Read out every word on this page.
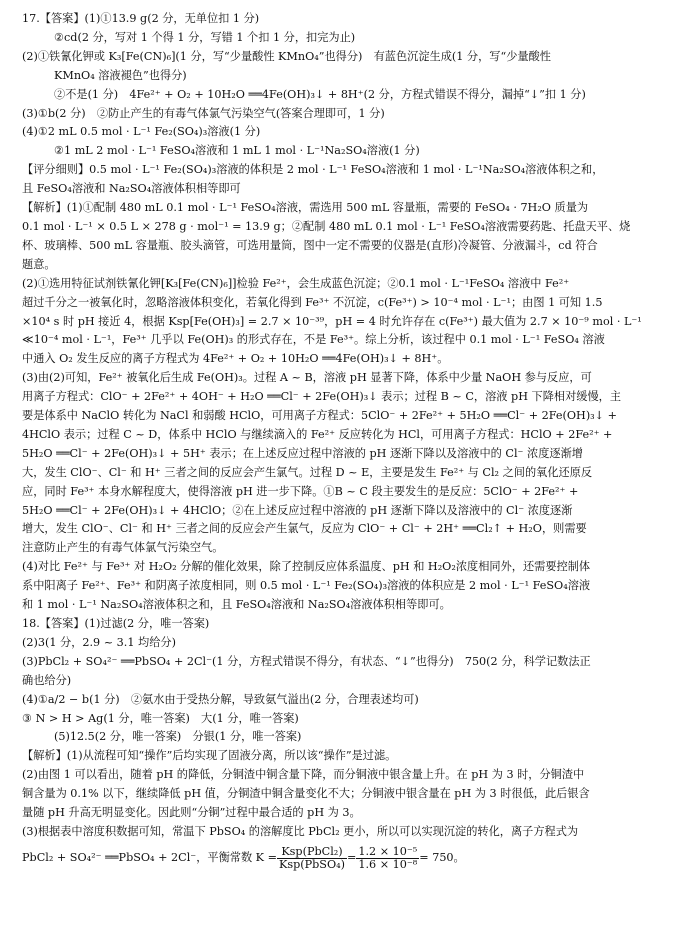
17.【答案】(1)①13.9 g(2 分，无单位扣 1 分)
②cd(2 分，写对 1 个得 1 分，写错 1 个扣 1 分，扣完为止)
(2)①铁氰化钾或 K₃[Fe(CN)₆](1 分，写“少量酸性 KMnO₄”也得分)　有蓝色沉淀生成(1 分，写“少量酸性
KMnO₄ 溶液褪色”也得分)
②不是(1 分)　4Fe²⁺ + O₂ + 10H₂O ══4Fe(OH)₃↓ + 8H⁺(2 分，方程式错误不得分，漏掉“↓”扣 1 分)
(3)①b(2 分)　②防止产生的有毒气体氯气污染空气(答案合理即可，1 分)
(4)①2 mL 0.5 mol · L⁻¹ Fe₂(SO₄)₃溶液(1 分)
②1 mL 2 mol · L⁻¹ FeSO₄溶液和 1 mL 1 mol · L⁻¹Na₂SO₄溶液(1 分)
【评分细则】0.5 mol · L⁻¹ Fe₂(SO₄)₃溶液的体积是 2 mol · L⁻¹ FeSO₄溶液和 1 mol · L⁻¹Na₂SO₄溶液体积之和，
且 FeSO₄溶液和 Na₂SO₄溶液体积相等即可
【解析】(1)①配制 480 mL 0.1 mol · L⁻¹ FeSO₄溶液，需选用 500 mL 容量瓶，需要的 FeSO₄ · 7H₂O 质量为
0.1 mol · L⁻¹ × 0.5 L × 278 g · mol⁻¹ = 13.9 g；②配制 480 mL 0.1 mol · L⁻¹ FeSO₄溶液需要药匙、托盘天平、烧
杯、玻璃棒、500 mL 容量瓶、胶头滴管，可选用量筒，图中一定不需要的仪器是(直形)冷凝管、分液漏斗，cd 符合
题意。
(2)①选用特征试剂铁氰化钾[K₃[Fe(CN)₆]]检验 Fe²⁺，会生成蓝色沉淀；②0.1 mol · L⁻¹FeSO₄ 溶液中 Fe²⁺
超过千分之一被氧化时，忽略溶液体积变化，若氧化得到 Fe³⁺ 不沉淀，c(Fe³⁺) > 10⁻⁴ mol · L⁻¹；由图 1 可知 1.5
×10⁴ s 时 pH 接近 4，根据 Ksp[Fe(OH)₃] = 2.7 × 10⁻³⁹，pH = 4 时允许存在 c(Fe³⁺) 最大值为 2.7 × 10⁻⁹ mol · L⁻¹
≪10⁻⁴ mol · L⁻¹，Fe³⁺ 几乎以 Fe(OH)₃ 的形式存在，不是 Fe³⁺。综上分析，该过程中 0.1 mol · L⁻¹ FeSO₄ 溶液
中通入 O₂ 发生反应的离子方程式为 4Fe²⁺ + O₂ + 10H₂O ══4Fe(OH)₃↓ + 8H⁺。
(3)由(2)可知，Fe²⁺ 被氧化后生成 Fe(OH)₃。过程 A ~ B，溶液 pH 显著下降，体系中少量 NaOH 参与反应，可
用离子方程式：ClO⁻ + 2Fe²⁺ + 4OH⁻ + H₂O ══Cl⁻ + 2Fe(OH)₃↓ 表示；过程 B ~ C，溶液 pH 下降相对缓慢，主
要是体系中 NaClO 转化为 NaCl 和弱酸 HClO，可用离子方程式：5ClO⁻ + 2Fe²⁺ + 5H₂O ══Cl⁻ + 2Fe(OH)₃↓ +
4HClO 表示；过程 C ~ D，体系中 HClO 与继续滴入的 Fe²⁺ 反应转化为 HCl，可用离子方程式：HClO + 2Fe²⁺ +
5H₂O ══Cl⁻ + 2Fe(OH)₃↓ + 5H⁺ 表示；在上述反应过程中溶液的 pH 逐渐下降以及溶液中的 Cl⁻ 浓度逐渐增
大，发生 ClO⁻、Cl⁻ 和 H⁺ 三者之间的反应会产生氯气。过程 D ~ E，主要是发生 Fe²⁺ 与 Cl₂ 之间的氧化还原反
应，同时 Fe³⁺ 本身水解程度大，使得溶液 pH 进一步下降。①B ~ C 段主要发生的是反应：5ClO⁻ + 2Fe²⁺ +
5H₂O ══Cl⁻ + 2Fe(OH)₃↓ + 4HClO；②在上述反应过程中溶液的 pH 逐渐下降以及溶液中的 Cl⁻ 浓度逐渐
增大，发生 ClO⁻、Cl⁻ 和 H⁺ 三者之间的反应会产生氯气，反应为 ClO⁻ + Cl⁻ + 2H⁺ ══Cl₂↑ + H₂O，则需要
注意防止产生的有毒气体氯气污染空气。
(4)对比 Fe²⁺ 与 Fe³⁺ 对 H₂O₂ 分解的催化效果，除了控制反应体系温度、pH 和 H₂O₂浓度相同外，还需要控制体
系中阳离子 Fe²⁺、Fe³⁺ 和阴离子浓度相同，则 0.5 mol · L⁻¹ Fe₂(SO₄)₃溶液的体积应是 2 mol · L⁻¹ FeSO₄溶液
和 1 mol · L⁻¹ Na₂SO₄溶液体积之和，且 FeSO₄溶液和 Na₂SO₄溶液体积相等即可。
18.【答案】(1)过滤(2 分，唯一答案)
(2)3(1 分，2.9 ~ 3.1 均给分)
(3)PbCl₂ + SO₄²⁻ ══PbSO₄ + 2Cl⁻(1 分，方程式错误不得分，有状态、“↓”也得分)　750(2 分，科学记数法正
确也给分)
(4)①a/2 − b(1 分)　②氨水由于受热分解，导致氨气溢出(2 分，合理表述均可)
③ N > H > Ag(1 分，唯一答案)　大(1 分，唯一答案)
(5)12.5(2 分，唯一答案)　分银(1 分，唯一答案)
【解析】(1)从流程可知“操作”后均实现了固液分离，所以该“操作”是过滤。
(2)由图 1 可以看出，随着 pH 的降低，分铜渣中铜含量下降，而分铜液中银含量上升。在 pH 为 3 时，分铜渣中
铜含量为 0.1% 以下，继续降低 pH 值，分铜渣中铜含量变化不大；分铜液中银含量在 pH 为 3 时很低，此后银含
量随 pH 升高无明显变化。因此则“分铜”过程中最合适的 pH 为 3。
(3)根据表中溶度积数据可知，常温下 PbSO₄ 的溶解度比 PbCl₂ 更小，所以可以实现沉淀的转化，离子方程式为
PbCl₂ + SO₄²⁻ ══PbSO₄ + 2Cl⁻，平衡常数 $K = \frac{\text{Ksp(PbCl₂)}}{\text{Ksp(PbSO₄)}} = \frac{\text{1.2 × 10⁻⁵}}{\text{1.6 × 10⁻⁸}} = 750$。
